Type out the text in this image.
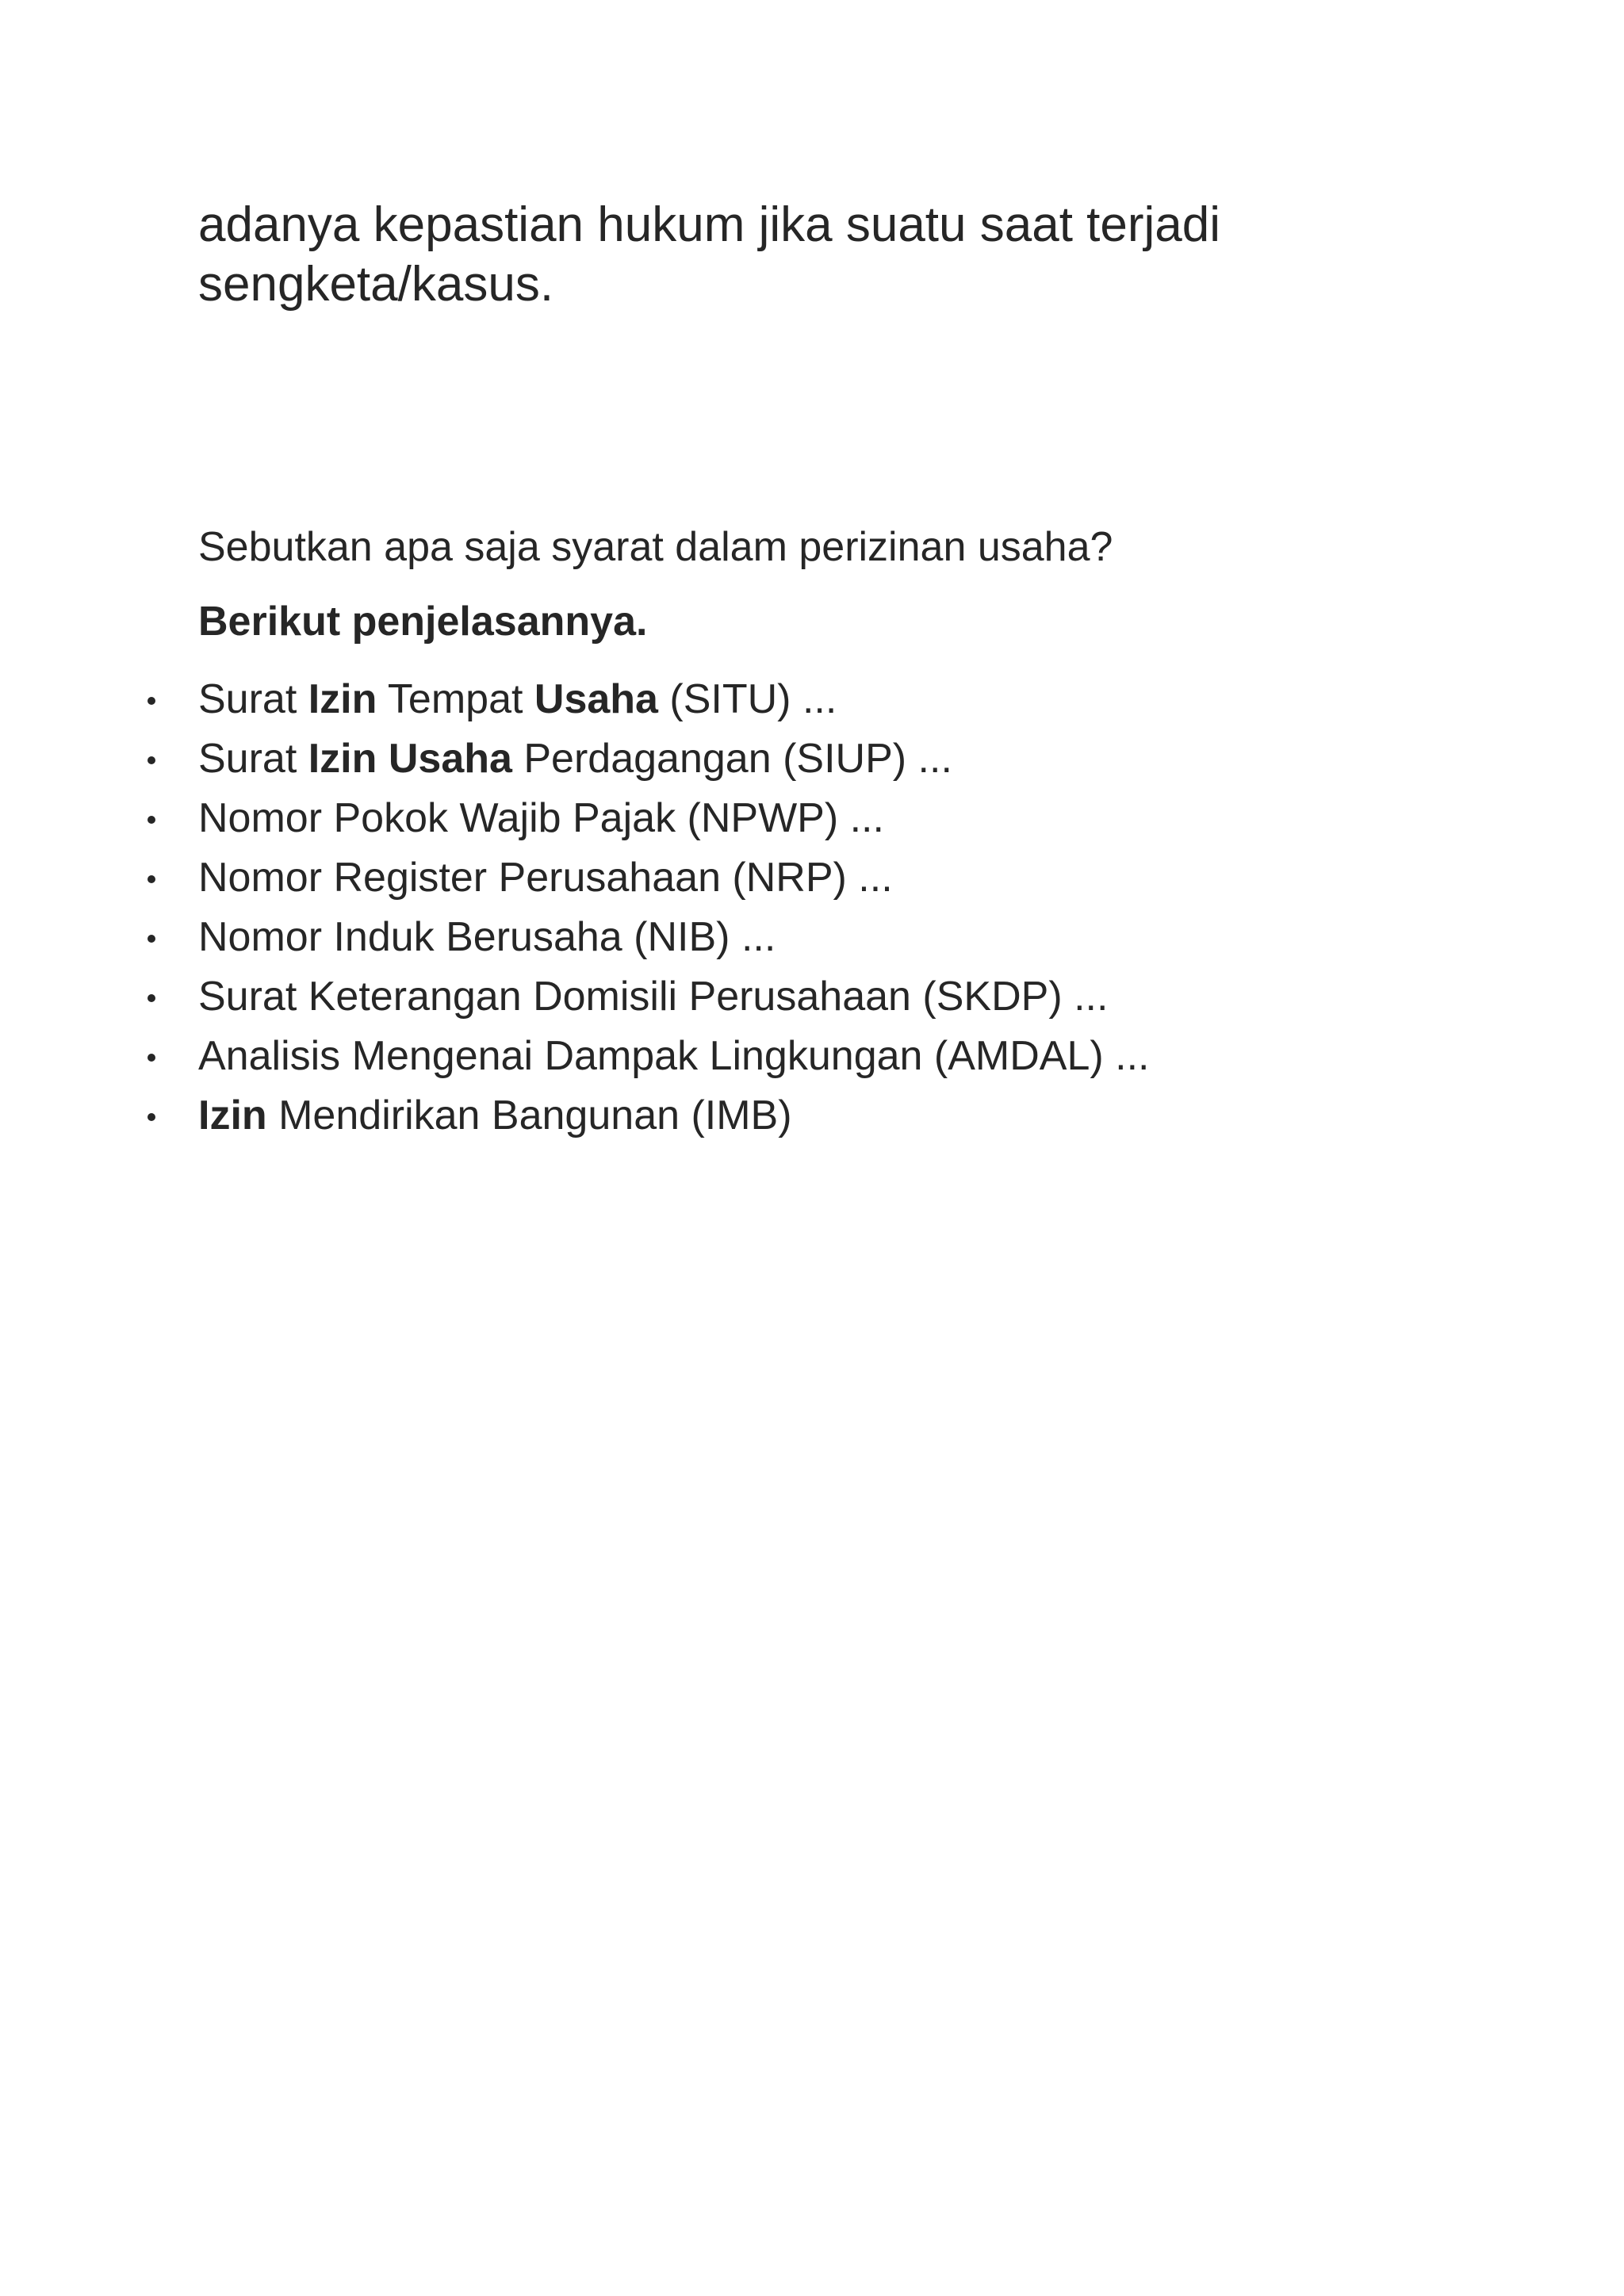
adanya kepastian hukum jika suatu saat terjadi sengketa/kasus.

Sebutkan apa saja syarat dalam perizinan usaha?

Berikut penjelasannya.

Surat Izin Tempat Usaha (SITU) ...
Surat Izin Usaha Perdagangan (SIUP) ...
Nomor Pokok Wajib Pajak (NPWP) ...
Nomor Register Perusahaan (NRP) ...
Nomor Induk Berusaha (NIB) ...
Surat Keterangan Domisili Perusahaan (SKDP) ...
Analisis Mengenai Dampak Lingkungan (AMDAL) ...
Izin Mendirikan Bangunan (IMB)
